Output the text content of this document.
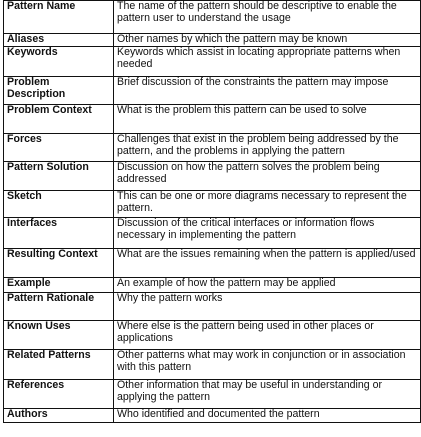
Pattern Name	The name of the pattern should be descriptive to enable the pattern user to understand the usage
Aliases	Other names by which the pattern may be known
Keywords	Keywords which assist in locating appropriate patterns when needed
Problem Description	Brief discussion of the constraints the pattern may impose
Problem Context	What is the problem this pattern can be used to solve
Forces	Challenges that exist in the problem being addressed by the pattern, and the problems in applying the pattern
Pattern Solution	Discussion on how the pattern solves the problem being addressed
Sketch	This can be one or more diagrams necessary to represent the pattern.
Interfaces	Discussion of the critical interfaces or information flows necessary in implementing the pattern
Resulting Context	What are the issues remaining when the pattern is applied/used
Example	An example of how the pattern may be applied
Pattern Rationale	Why the pattern works
Known Uses	Where else is the pattern being used in other places or applications
Related Patterns	Other patterns what may work in conjunction or in association with this pattern
References	Other information that may be useful in understanding or applying the pattern
Authors	Who identified and documented the pattern
